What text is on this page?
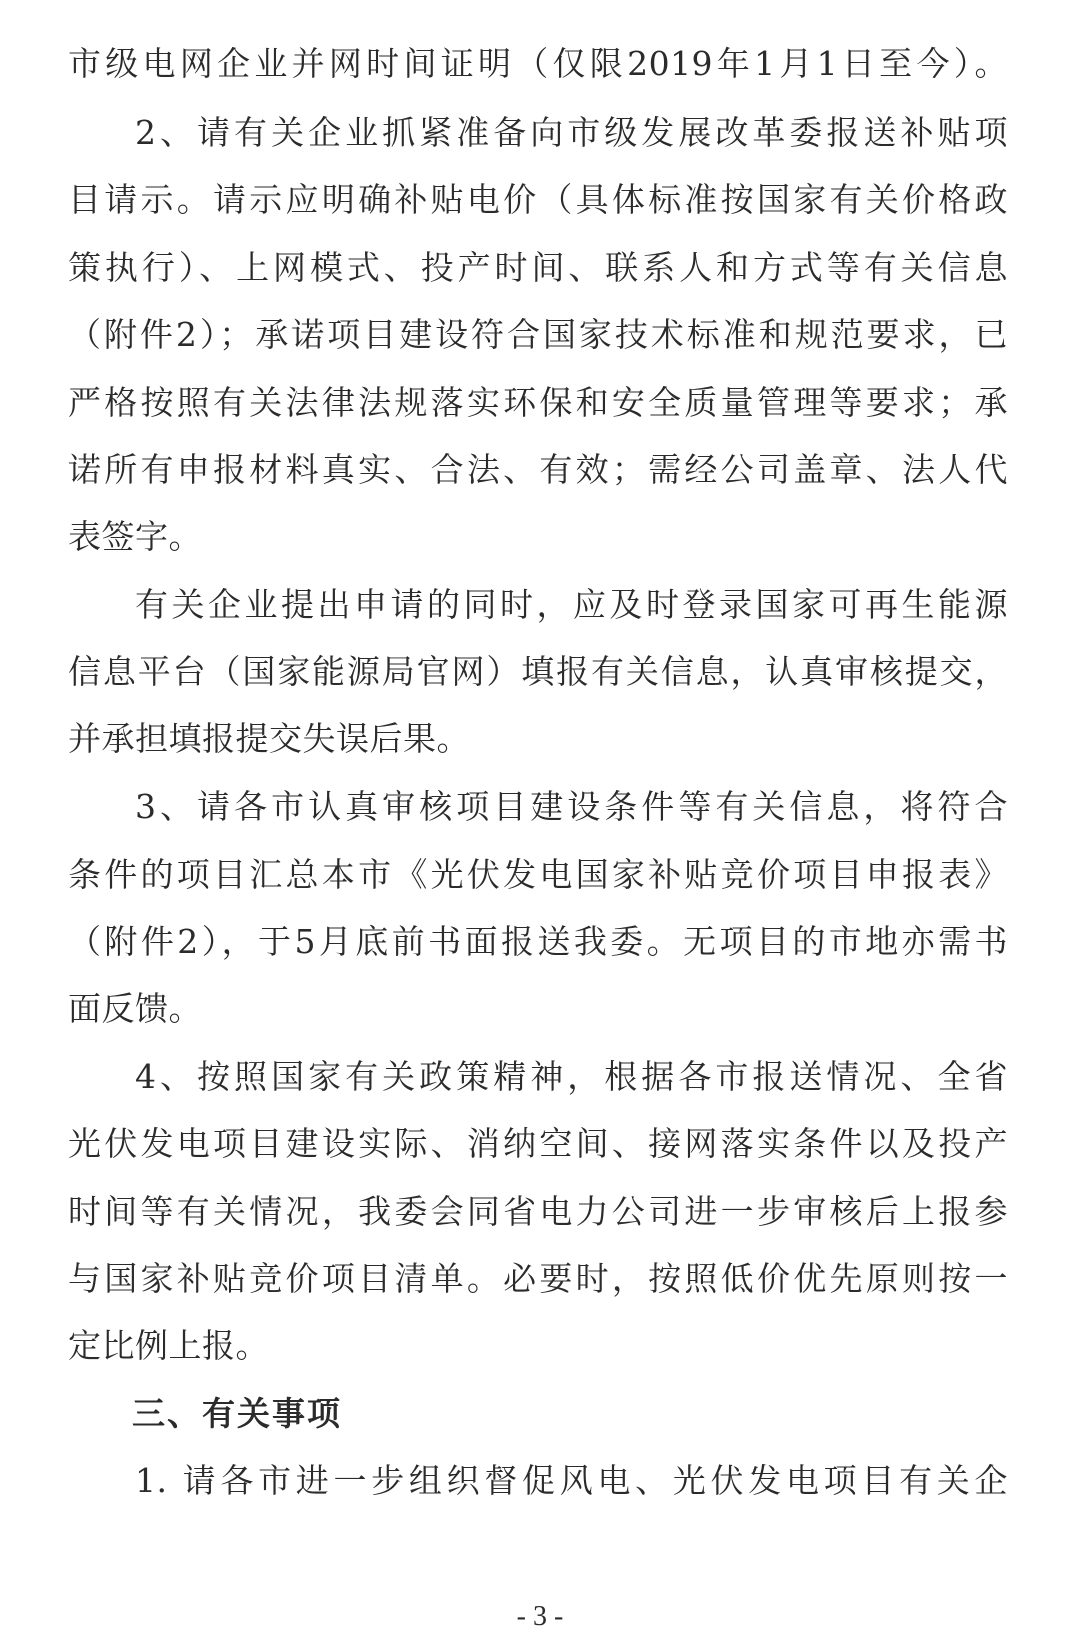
市级电网企业并网时间证明（仅限2019年1月1日至今）。
2、请有关企业抓紧准备向市级发展改革委报送补贴项
目请示。请示应明确补贴电价（具体标准按国家有关价格政
策执行）、上网模式、投产时间、联系人和方式等有关信息
（附件2）；承诺项目建设符合国家技术标准和规范要求，已
严格按照有关法律法规落实环保和安全质量管理等要求；承
诺所有申报材料真实、合法、有效；需经公司盖章、法人代
表签字。
有关企业提出申请的同时，应及时登录国家可再生能源
信息平台（国家能源局官网）填报有关信息，认真审核提交，
并承担填报提交失误后果。
3、请各市认真审核项目建设条件等有关信息，将符合
条件的项目汇总本市《光伏发电国家补贴竞价项目申报表》
（附件2），于5月底前书面报送我委。无项目的市地亦需书
面反馈。
4、按照国家有关政策精神，根据各市报送情况、全省
光伏发电项目建设实际、消纳空间、接网落实条件以及投产
时间等有关情况，我委会同省电力公司进一步审核后上报参
与国家补贴竞价项目清单。必要时，按照低价优先原则按一
定比例上报。
三、有关事项
1. 请各市进一步组织督促风电、光伏发电项目有关企
- 3 -
